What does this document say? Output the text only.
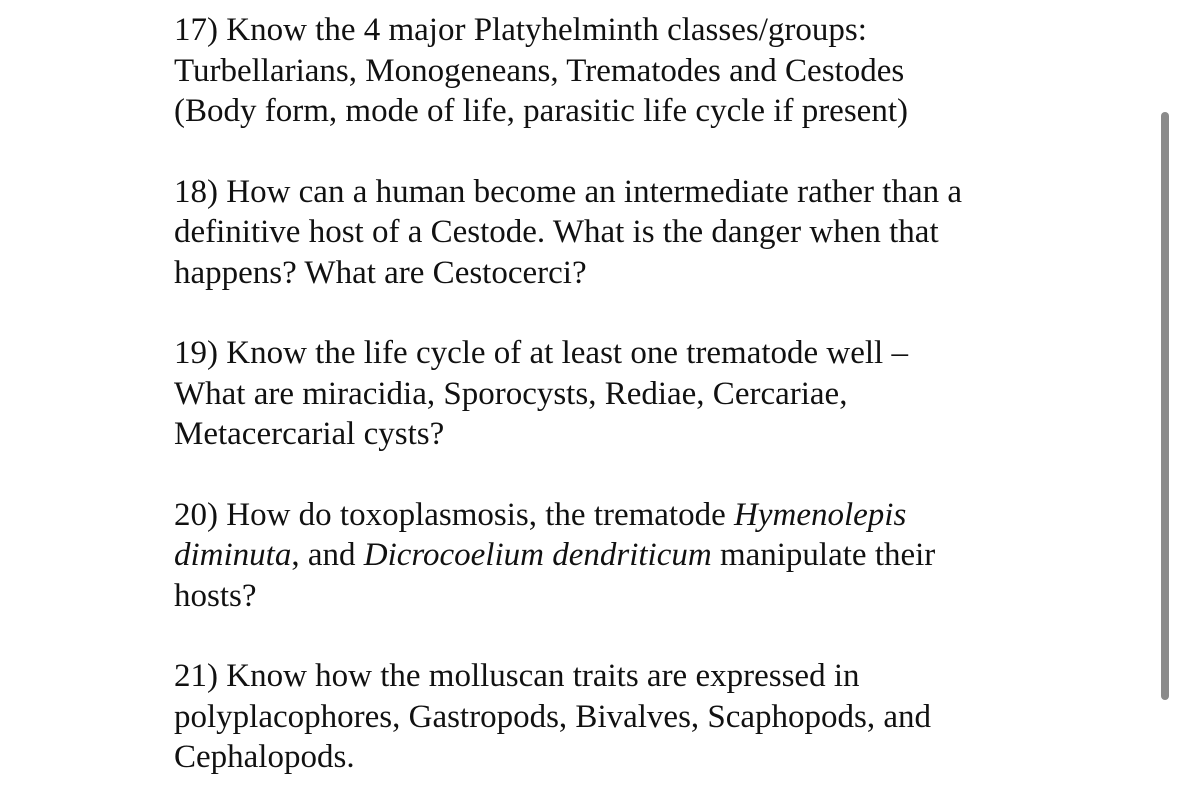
17) Know the 4 major Platyhelminth classes/groups:
Turbellarians, Monogeneans, Trematodes and Cestodes
(Body form, mode of life, parasitic life cycle if present)

18) How can a human become an intermediate rather than a
definitive host of a Cestode. What is the danger when that
happens? What are Cestocerci?

19) Know the life cycle of at least one trematode well –
What are miracidia, Sporocysts, Rediae, Cercariae,
Metacercarial cysts?

20) How do toxoplasmosis, the trematode Hymenolepis
diminuta, and Dicrocoelium dendriticum manipulate their
hosts?

21) Know how the molluscan traits are expressed in
polyplacophores, Gastropods, Bivalves, Scaphopods, and
Cephalopods.
